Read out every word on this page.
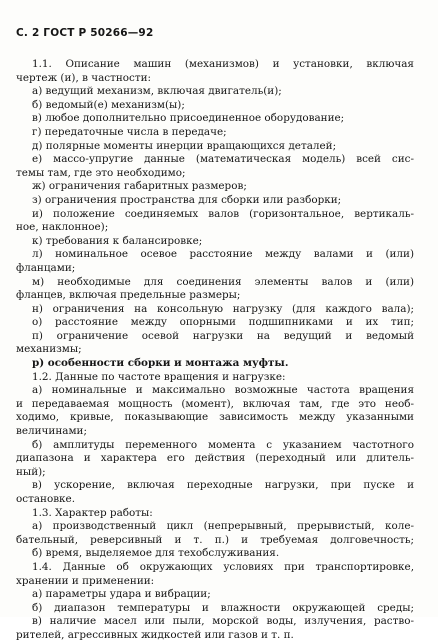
С. 2 ГОСТ Р 50266—92
1.1. Описание машин (механизмов) и установки, включая
чертеж (и), в частности:
а) ведущий механизм, включая двигатель(и);
б) ведомый(е) механизм(ы);
в) любое дополнительно присоединенное оборудование;
г) передаточные числа в передаче;
д) полярные моменты инерции вращающихся деталей;
е) массо-упругие данные (математическая модель) всей сис-
темы там, где это необходимо;
ж) ограничения габаритных размеров;
з) ограничения пространства для сборки или разборки;
и) положение соединяемых валов (горизонтальное, вертикаль-
ное, наклонное);
к) требования к балансировке;
л) номинальное осевое расстояние между валами и (или)
фланцами;
м) необходимые для соединения элементы валов и (или)
фланцев, включая предельные размеры;
н) ограничения на консольную нагрузку (для каждого вала);
о) расстояние между опорными подшипниками и их тип;
п) ограничение осевой нагрузки на ведущий и ведомый
механизмы;
р) особенности сборки и монтажа муфты.
1.2. Данные по частоте вращения и нагрузке:
а) номинальные и максимально возможные частота вращения
и передаваемая мощность (момент), включая там, где это необ-
ходимо, кривые, показывающие зависимость между указанными
величинами;
б) амплитуды переменного момента с указанием частотного
диапазона и характера его действия (переходный или длитель-
ный);
в) ускорение, включая переходные нагрузки, при пуске и
остановке.
1.3. Характер работы:
а) производственный цикл (непрерывный, прерывистый, коле-
бательный, реверсивный и т. п.) и требуемая долговечность;
б) время, выделяемое для техобслуживания.
1.4. Данные об окружающих условиях при транспортировке,
хранении и применении:
а) параметры удара и вибрации;
б) диапазон температуры и влажности окружающей среды;
в) наличие масел или пыли, морской воды, излучения, раство-
рителей, агрессивных жидкостей или газов и т. п.
